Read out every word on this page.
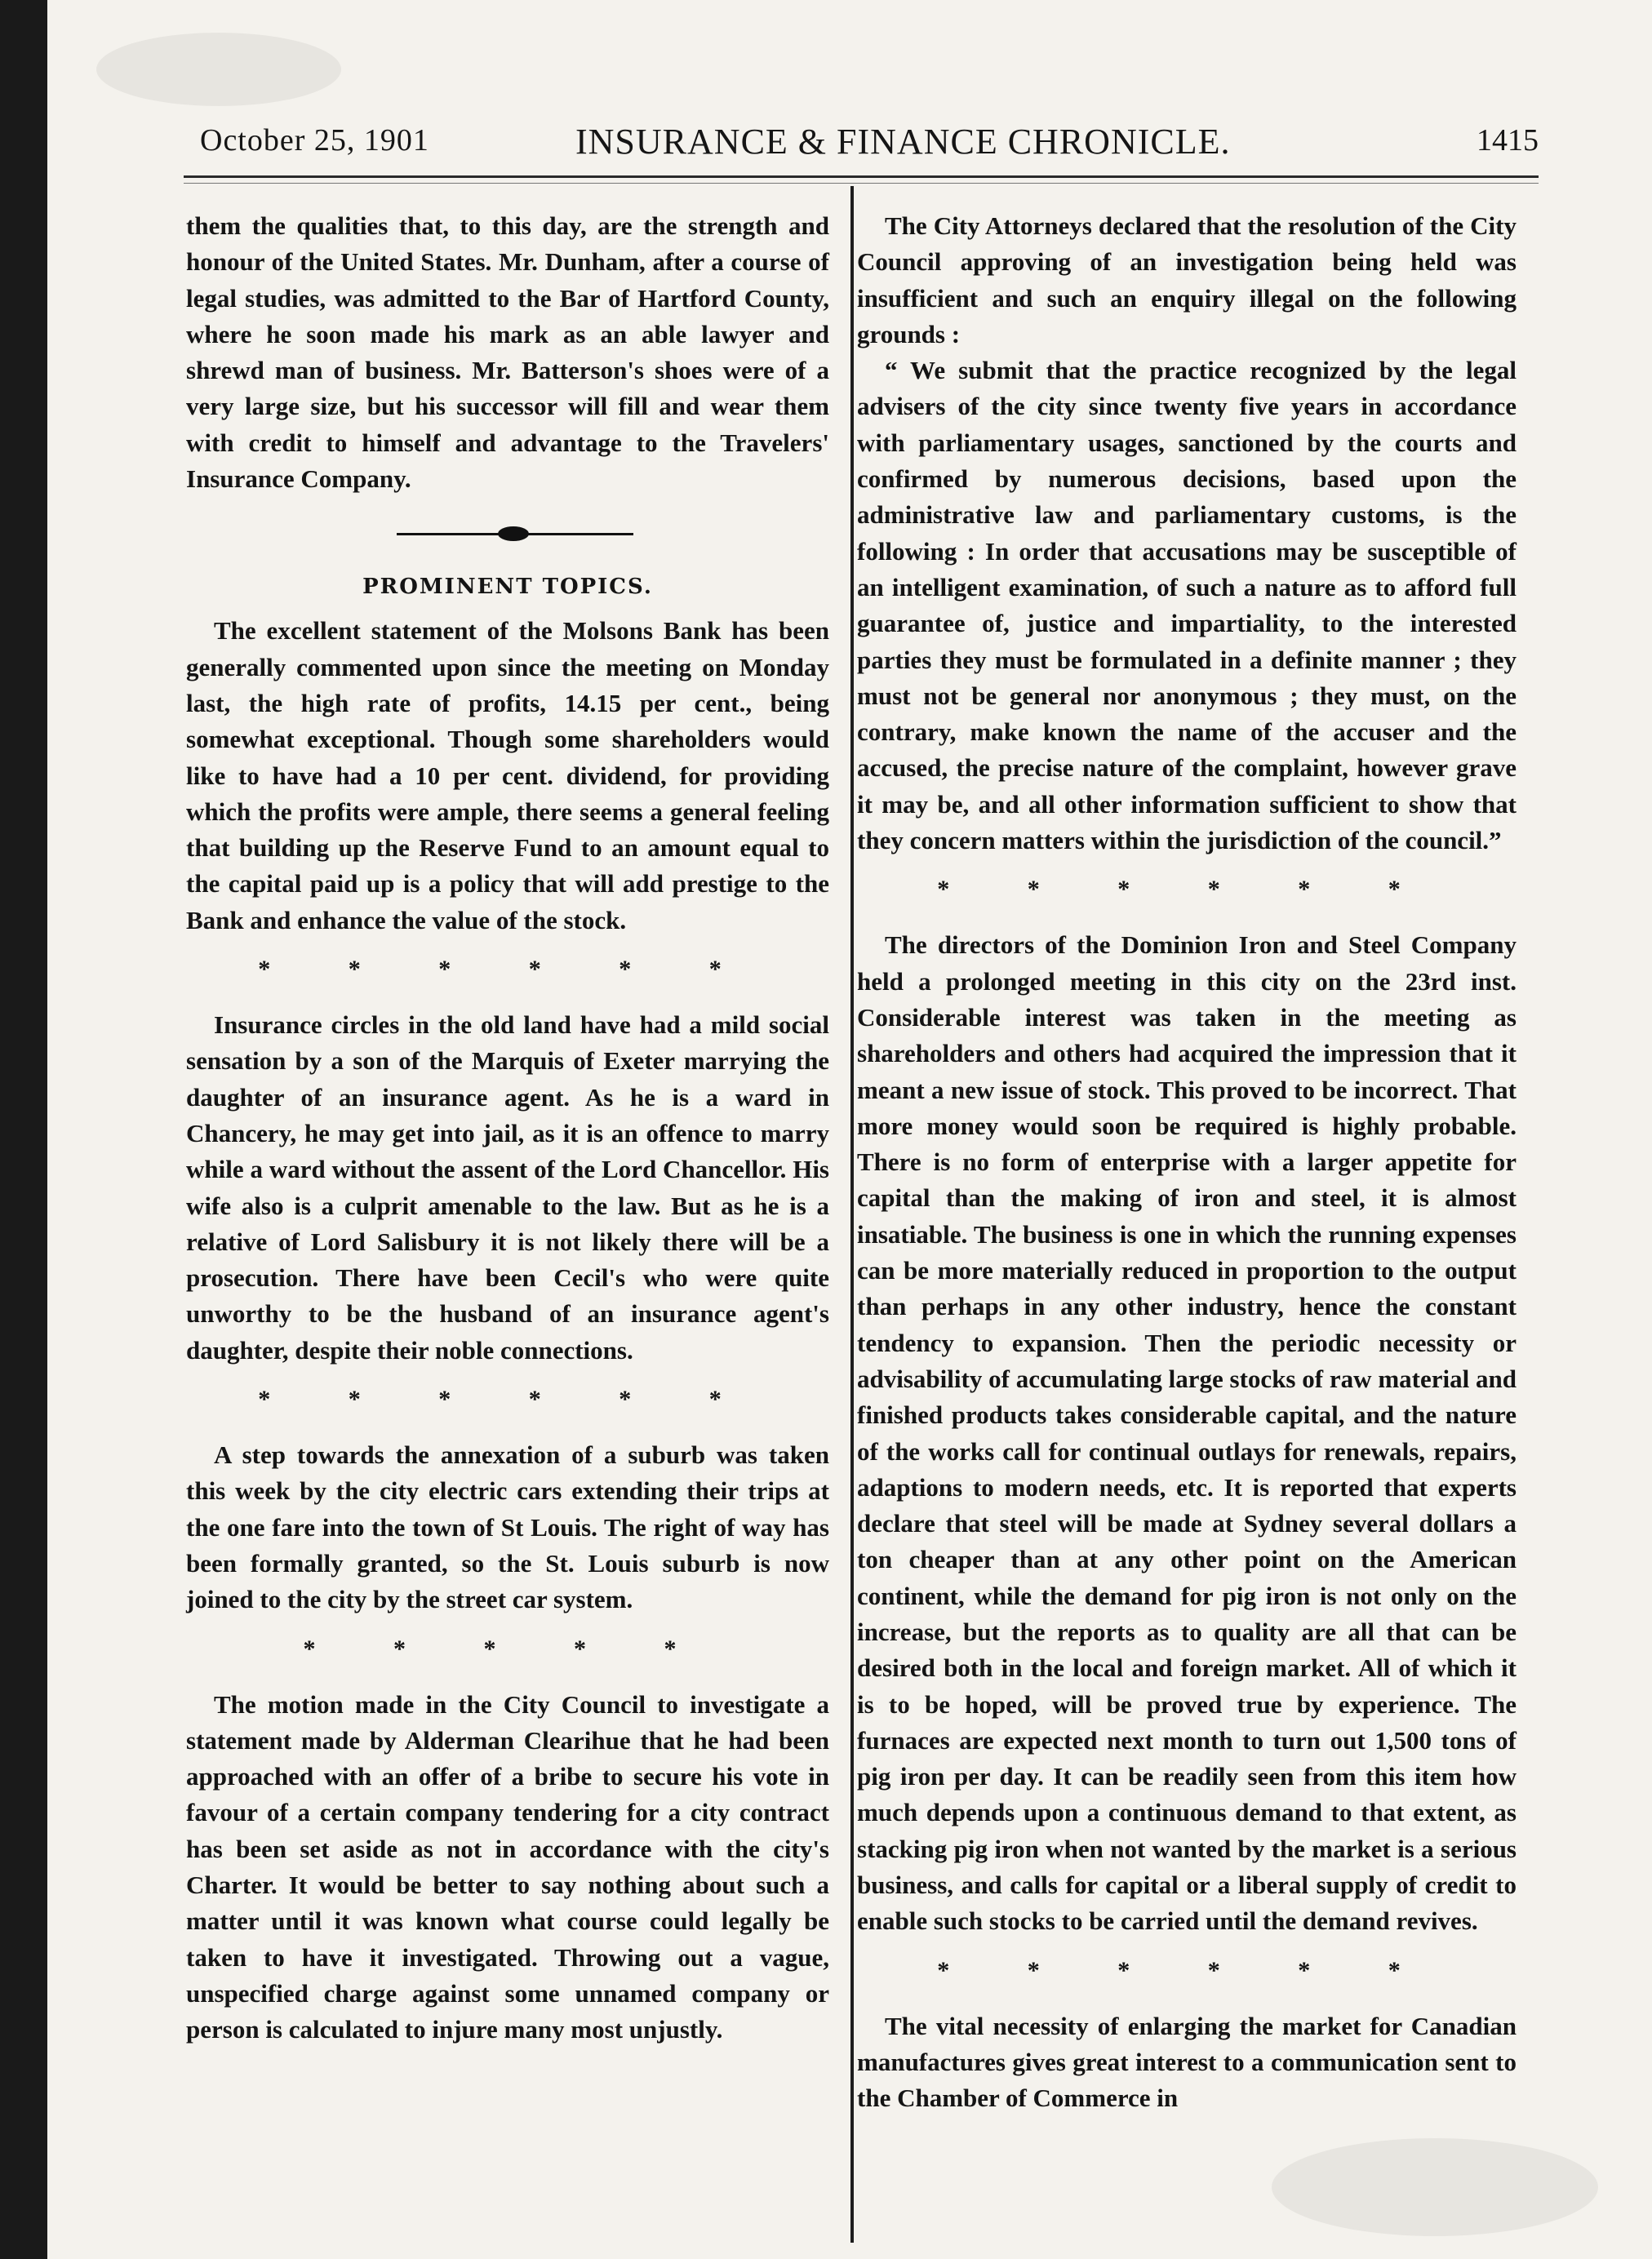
October 25, 1901	INSURANCE & FINANCE CHRONICLE.	1415

them the qualities that, to this day, are the strength and honour of the United States. Mr. Dunham, after a course of legal studies, was admitted to the Bar of Hartford County, where he soon made his mark as an able lawyer and shrewd man of business. Mr. Batterson's shoes were of a very large size, but his successor will fill and wear them with credit to himself and advantage to the Travelers' Insurance Company.

PROMINENT TOPICS.

The excellent statement of the Molsons Bank has been generally commented upon since the meeting on Monday last, the high rate of profits, 14.15 per cent., being somewhat exceptional. Though some shareholders would like to have had a 10 per cent. dividend, for providing which the profits were ample, there seems a general feeling that building up the Reserve Fund to an amount equal to the capital paid up is a policy that will add prestige to the Bank and enhance the value of the stock.

* * * * * *

Insurance circles in the old land have had a mild social sensation by a son of the Marquis of Exeter marrying the daughter of an insurance agent. As he is a ward in Chancery, he may get into jail, as it is an offence to marry while a ward without the assent of the Lord Chancellor. His wife also is a culprit amenable to the law. But as he is a relative of Lord Salisbury it is not likely there will be a prosecution. There have been Cecil's who were quite unworthy to be the husband of an insurance agent's daughter, despite their noble connections.

* * * * * *

A step towards the annexation of a suburb was taken this week by the city electric cars extending their trips at the one fare into the town of St Louis. The right of way has been formally granted, so the St. Louis suburb is now joined to the city by the street car system.

* * * * *

The motion made in the City Council to investigate a statement made by Alderman Clearihue that he had been approached with an offer of a bribe to secure his vote in favour of a certain company tendering for a city contract has been set aside as not in accordance with the city's Charter. It would be better to say nothing about such a matter until it was known what course could legally be taken to have it investigated. Throwing out a vague, unspecified charge against some unnamed company or person is calculated to injure many most unjustly.

The City Attorneys declared that the resolution of the City Council approving of an investigation being held was insufficient and such an enquiry illegal on the following grounds :

“ We submit that the practice recognized by the legal advisers of the city since twenty five years in accordance with parliamentary usages, sanctioned by the courts and confirmed by numerous decisions, based upon the administrative law and parliamentary customs, is the following : In order that accusations may be susceptible of an intelligent examination, of such a nature as to afford full guarantee of, justice and impartiality, to the interested parties they must be formulated in a definite manner ; they must not be general nor anonymous ; they must, on the contrary, make known the name of the accuser and the accused, the precise nature of the complaint, however grave it may be, and all other information sufficient to show that they concern matters within the jurisdiction of the council.”

* * * * * *

The directors of the Dominion Iron and Steel Company held a prolonged meeting in this city on the 23rd inst. Considerable interest was taken in the meeting as shareholders and others had acquired the impression that it meant a new issue of stock. This proved to be incorrect. That more money would soon be required is highly probable. There is no form of enterprise with a larger appetite for capital than the making of iron and steel, it is almost insatiable. The business is one in which the running expenses can be more materially reduced in proportion to the output than perhaps in any other industry, hence the constant tendency to expansion. Then the periodic necessity or advisability of accumulating large stocks of raw material and finished products takes considerable capital, and the nature of the works call for continual outlays for renewals, repairs, adaptions to modern needs, etc. It is reported that experts declare that steel will be made at Sydney several dollars a ton cheaper than at any other point on the American continent, while the demand for pig iron is not only on the increase, but the reports as to quality are all that can be desired both in the local and foreign market. All of which it is to be hoped, will be proved true by experience. The furnaces are expected next month to turn out 1,500 tons of pig iron per day. It can be readily seen from this item how much depends upon a continuous demand to that extent, as stacking pig iron when not wanted by the market is a serious business, and calls for capital or a liberal supply of credit to enable such stocks to be carried until the demand revives.

* * * * * *

The vital necessity of enlarging the market for Canadian manufactures gives great interest to a communication sent to the Chamber of Commerce in
